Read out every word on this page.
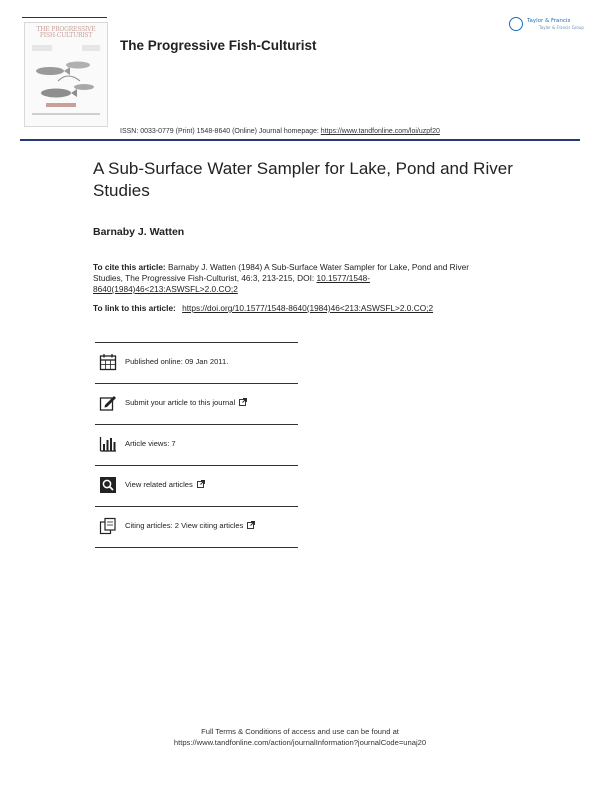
THE PROGRESSIVE
FISH-CULTURIST
The Progressive Fish-Culturist
Taylor & Francis
Taylor & Francis Group
ISSN: 0033-0779 (Print) 1548-8640 (Online) Journal homepage: https://www.tandfonline.com/loi/uzpf20
A Sub-Surface Water Sampler for Lake, Pond and River Studies
Barnaby J. Watten
To cite this article: Barnaby J. Watten (1984) A Sub-Surface Water Sampler for Lake, Pond and River Studies, The Progressive Fish-Culturist, 46:3, 213-215, DOI: 10.1577/1548-8640(1984)46<213:ASWSFL>2.0.CO;2
To link to this article: https://doi.org/10.1577/1548-8640(1984)46<213:ASWSFL>2.0.CO;2
Published online: 09 Jan 2011.
Submit your article to this journal
Article views: 7
View related articles
Citing articles: 2 View citing articles
Full Terms & Conditions of access and use can be found at
https://www.tandfonline.com/action/journalInformation?journalCode=unaj20
